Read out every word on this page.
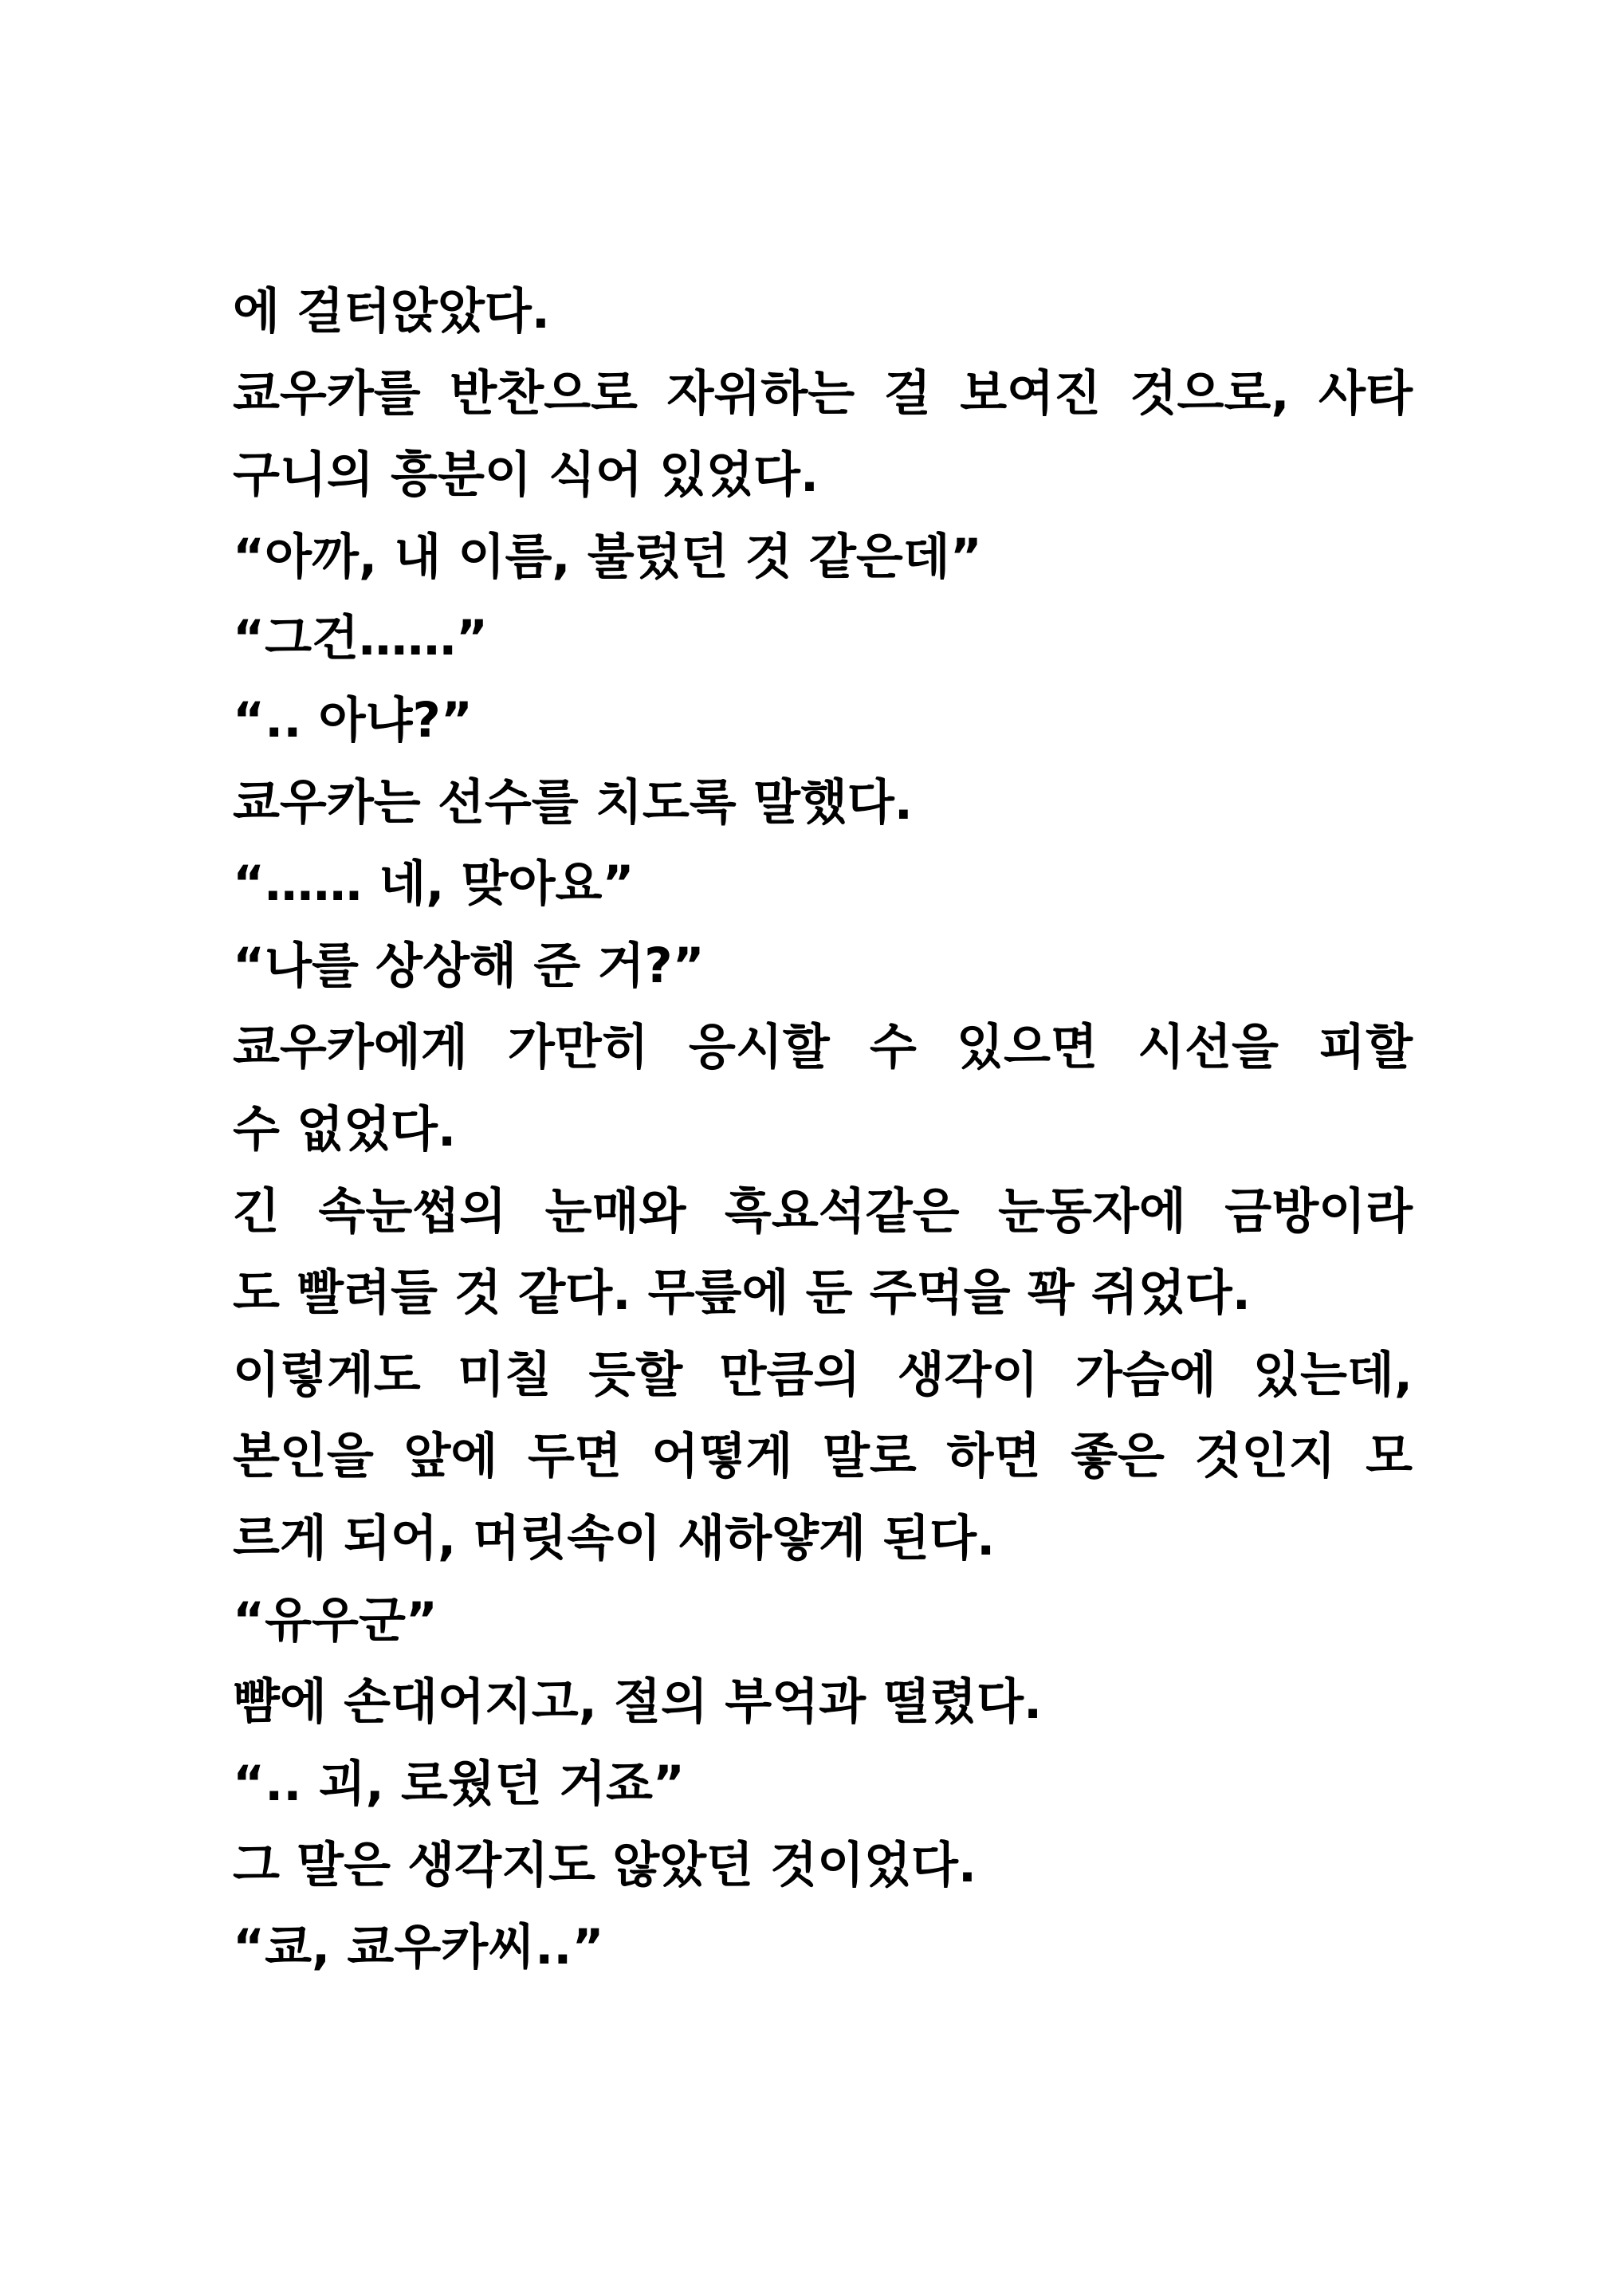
에 걸터앉았다.
쿄우카를 반찬으로 자위하는 걸 보여진 것으로, 사타
구니의 흥분이 식어 있었다.
“아까, 내 이름, 불렀던 것 같은데”
“그건……”
“.. 아냐?”
쿄우카는 선수를 치도록 말했다.
“…… 네, 맞아요”
“나를 상상해 준 거?”
쿄우카에게 가만히 응시할 수 있으면 시선을 피할
수 없었다.
긴 속눈썹의 눈매와 흑요석같은 눈동자에 금방이라
도 빨려들 것 같다. 무릎에 둔 주먹을 꽉 쥐었다.
이렇게도 미칠 듯할 만큼의 생각이 가슴에 있는데,
본인을 앞에 두면 어떻게 말로 하면 좋은 것인지 모
르게 되어, 머릿속이 새하얗게 된다.
“유우군”
뺨에 손대어지고, 절의 부억과 떨렸다.
“.. 괴, 로웠던 거죠”
그 말은 생각지도 않았던 것이었다.
“쿄, 쿄우카씨..”
